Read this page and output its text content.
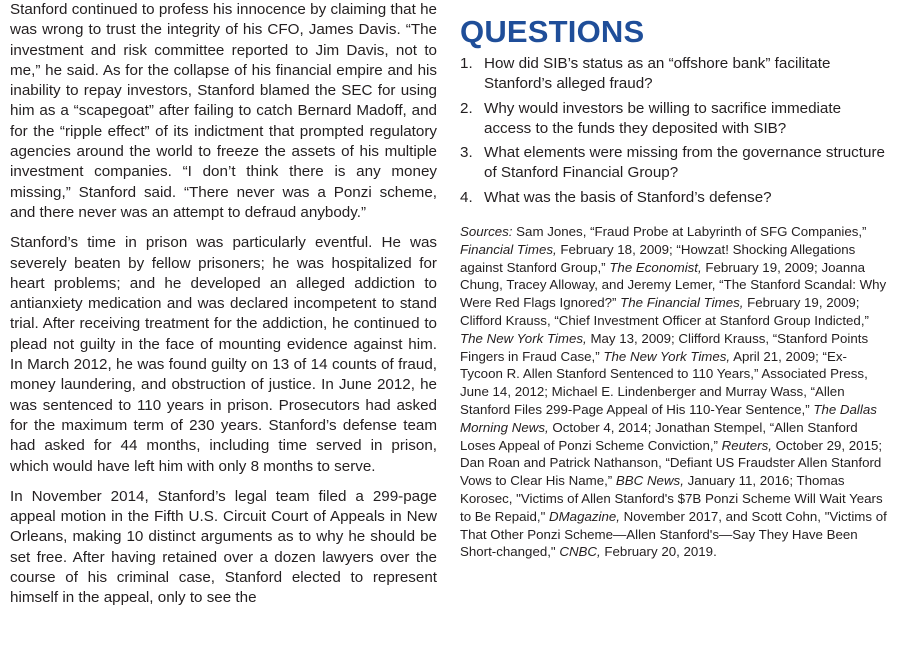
Stanford continued to profess his innocence by claiming that he was wrong to trust the integrity of his CFO, James Davis. “The investment and risk committee reported to Jim Davis, not to me,” he said. As for the collapse of his financial empire and his inability to repay investors, Stanford blamed the SEC for using him as a “scapegoat” after failing to catch Bernard Madoff, and for the “ripple effect” of its indictment that prompted regulatory agencies around the world to freeze the assets of his multiple investment companies. “I don’t think there is any money missing,” Stanford said. “There never was a Ponzi scheme, and there never was an attempt to defraud anybody.”

Stanford’s time in prison was particularly eventful. He was severely beaten by fellow prisoners; he was hospitalized for heart problems; and he developed an alleged addiction to antianxiety medication and was declared incompetent to stand trial. After receiving treatment for the addiction, he continued to plead not guilty in the face of mounting evidence against him. In March 2012, he was found guilty on 13 of 14 counts of fraud, money laundering, and obstruction of justice. In June 2012, he was sentenced to 110 years in prison. Prosecutors had asked for the maximum term of 230 years. Stanford’s defense team had asked for 44 months, including time served in prison, which would have left him with only 8 months to serve.

In November 2014, Stanford’s legal team filed a 299-page appeal motion in the Fifth U.S. Circuit Court of Appeals in New Orleans, making 10 distinct arguments as to why he should be set free. After having retained over a dozen lawyers over the course of his criminal case, Stanford elected to represent himself in the appeal, only to see the

QUESTIONS
1. How did SIB’s status as an “offshore bank” facilitate Stanford’s alleged fraud?
2. Why would investors be willing to sacrifice immediate access to the funds they deposited with SIB?
3. What elements were missing from the governance structure of Stanford Financial Group?
4. What was the basis of Stanford’s defense?
Sources: Sam Jones, “Fraud Probe at Labyrinth of SFG Companies,” Financial Times, February 18, 2009; “Howzat! Shocking Allegations against Stanford Group,” The Economist, February 19, 2009; Joanna Chung, Tracey Alloway, and Jeremy Lemer, “The Stanford Scandal: Why Were Red Flags Ignored?” The Financial Times, February 19, 2009; Clifford Krauss, “Chief Investment Officer at Stanford Group Indicted,” The New York Times, May 13, 2009; Clifford Krauss, “Stanford Points Fingers in Fraud Case,” The New York Times, April 21, 2009; “Ex-Tycoon R. Allen Stanford Sentenced to 110 Years,” Associated Press, June 14, 2012; Michael E. Lindenberger and Murray Wass, “Allen Stanford Files 299-Page Appeal of His 110-Year Sentence,” The Dallas Morning News, October 4, 2014; Jonathan Stempel, “Allen Stanford Loses Appeal of Ponzi Scheme Conviction,” Reuters, October 29, 2015; Dan Roan and Patrick Nathanson, “Defiant US Fraudster Allen Stanford Vows to Clear His Name,” BBC News, January 11, 2016; Thomas Korosec, "Victims of Allen Stanford's $7B Ponzi Scheme Will Wait Years to Be Repaid," DMagazine, November 2017, and Scott Cohn, "Victims of That Other Ponzi Scheme—Allen Stanford's—Say They Have Been Short-changed," CNBC, February 20, 2019.
